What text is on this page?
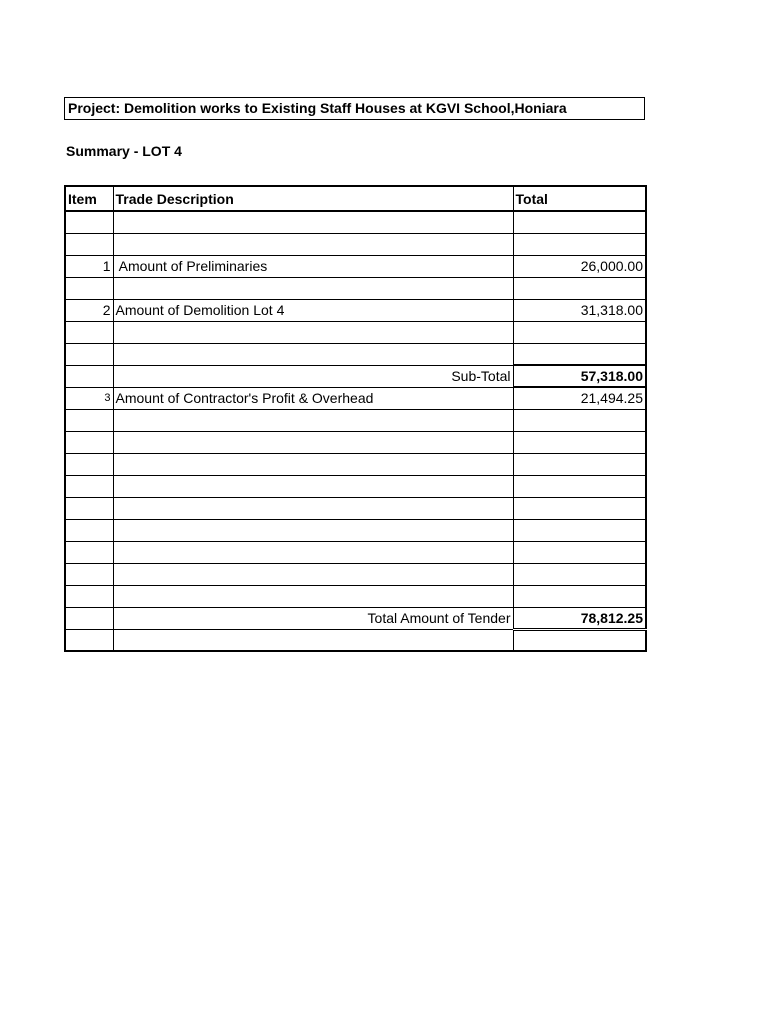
Project: Demolition works to Existing Staff Houses at KGVI School,Honiara
Summary - LOT 4
Item	Trade Description	Total

1	Amount of Preliminaries	26,000.00

2	Amount of Demolition Lot 4	31,318.00

	Sub-Total	57,318.00
3	Amount of Contractor's Profit & Overhead	21,494.25

	Total Amount of Tender	78,812.25
